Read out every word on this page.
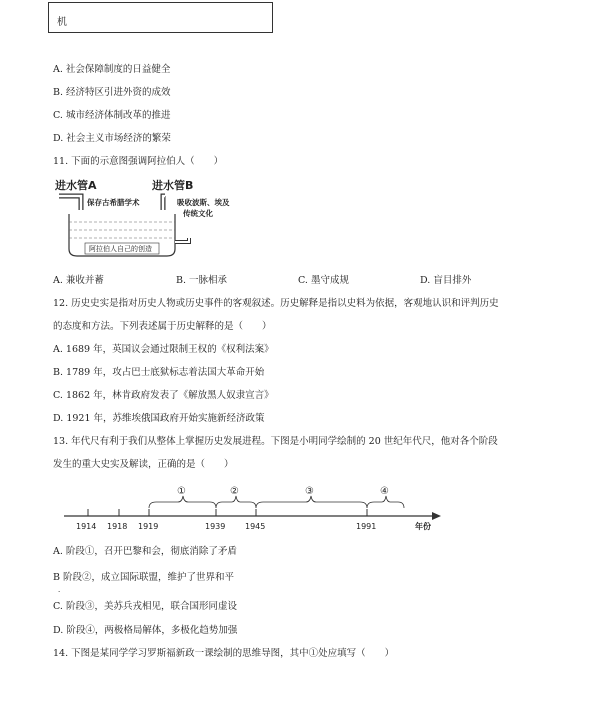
机
A. 社会保障制度的日益健全
B. 经济特区引进外资的成效
C. 城市经济体制改革的推进
D. 社会主义市场经济的繁荣
11. 下面的示意图强调阿拉伯人（　　）
进水管A
保存古希腊学术
进水管B
吸收波斯、埃及
传统文化
阿拉伯人自己的创造
A. 兼收并蓄	B. 一脉相承	C. 墨守成规	D. 盲目排外
12. 历史史实是指对历史人物或历史事件的客观叙述。历史解释是指以史料为依据，客观地认识和评判历史
的态度和方法。下列表述属于历史解释的是（　　）
A. 1689 年，英国议会通过限制王权的《权利法案》
B. 1789 年，攻占巴士底狱标志着法国大革命开始
C. 1862 年，林肯政府发表了《解放黑人奴隶宣言》
D. 1921 年，苏维埃俄国政府开始实施新经济政策
13. 年代尺有利于我们从整体上掌握历史发展进程。下图是小明同学绘制的 20 世纪年代尺，他对各个阶段
发生的重大史实及解读，正确的是（　　）
1914 1918 1919	1939 1945	1991	年份
①	②	③	④
A. 阶段①，召开巴黎和会，彻底消除了矛盾
B 阶段②，成立国际联盟，维护了世界和平
.
C. 阶段③，美苏兵戎相见，联合国形同虚设
D. 阶段④，两极格局解体，多极化趋势加强
14. 下图是某同学学习罗斯福新政一课绘制的思维导图，其中①处应填写（　　）
